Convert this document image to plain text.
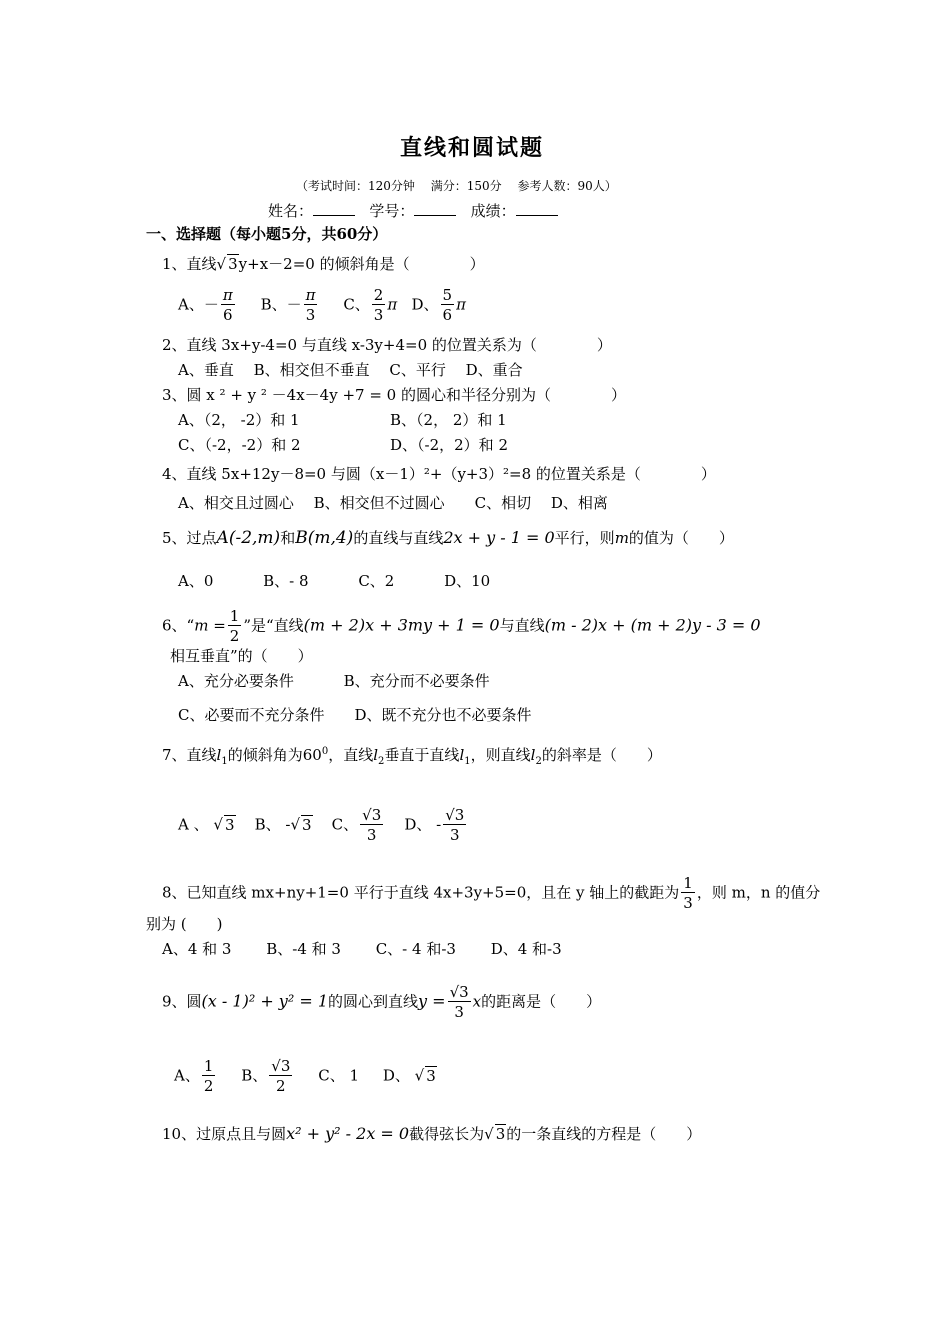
直线和圆试题
（考试时间：120分钟　 满分：150分　 参考人数：90人）
姓名：	学号：	成绩：
一、选择题（每小题5分，共60分）
1、直线√ 3y+x－2=0 的倾斜角是（　　　　）
A、－ $\frac{\pi}{6}$ B、－ $\frac{\pi}{3}$ C、 $\frac{2}{3}$ π D、 $\frac{5}{6}$ π
2、直线 3x+y-4=0 与直线 x-3y+4=0 的位置关系为（　　　　）
A、垂直　 B、相交但不垂直　 C、平行　 D、重合
3、圆 x ² + y ² －4x－4y +7 = 0 的圆心和半径分别为（　　　　）
A、（2， -2）和 1	B、（2， 2）和 1
C、（-2，-2）和 2	D、（-2，2）和 2
4、直线 5x+12y－8=0 与圆（x－1）²+（y+3）²=8 的位置关系是（　　　　）
A、相交且过圆心　 B、相交但不过圆心　　C、相切　 D、相离
5、过点A(-2,m)和B(m,4)的直线与直线2x + y - 1 = 0平行，则m的值为（　　）
A、0　　　 B、- 8　　　 C、2　　　 D、10
6、“$m = \frac{1}{2}$ ”是“直线(m + 2)x + 3my + 1 = 0与直线(m - 2)x + (m + 2)y - 3 = 0
相互垂直”的（　　）
A、充分必要条件　　　 B、充分而不必要条件
C、必要而不充分条件　　D、既不充分也不必要条件
7、直线$l_1$的倾斜角为$60^0$，直线$l_2$垂直于直线$l_1$，则直线$l_2$的斜率是（　　）
A 、 √ 3 B、 -√ 3 C、 $\frac{√3}{3}$ D、 - $\frac{√3}{3}$
8、已知直线 mx+ny+1=0 平行于直线 4x+3y+5=0，且在 y 轴上的截距为 $\frac{1}{3}$ ，则 m，n 的值分
别为 (　　)
A、4 和 3　　 B、-4 和 3　　 C、- 4 和-3　　 D、4 和-3
9、圆(x - 1)² + y² = 1的圆心到直线$y = \frac{√3}{3}$ x的距离是（　　）
A、 $\frac{1}{2}$ B、 $\frac{√3}{2}$ C、 1 D、 √ 3
10、过原点且与圆x² + y² - 2x = 0截得弦长为√ 3的一条直线的方程是（　　）
